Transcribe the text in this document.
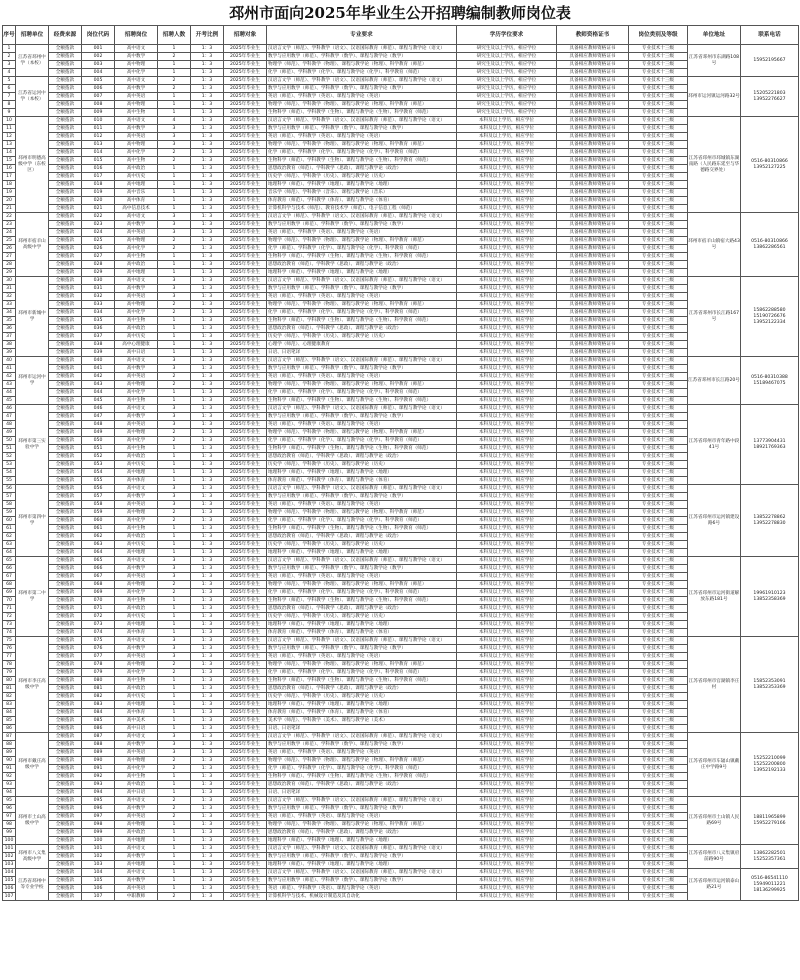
邳州市面向2025年毕业生公开招聘编制教师岗位表
序号	招聘单位	经费来源	岗位代码	招聘岗位	招聘人数	开考比例	招聘对象	专业要求	学历学位要求	教师资格证书	岗位类别及等级	单位地址	联系电话
1	江苏省邳州中学（本校）	全额拨款	001	高中语文	1	1：3	2025年毕业生	汉语言文学（师范）、学科教学（语文）、汉语国际教育（师范）、课程与教学论（语文）	研究生及以上学历，相应学位	具备相应教师资格证书	专业技术十三级	江苏省邳州市东湖路108号	15952195667
2		全额拨款	002	高中数学	2	1：3	2025年毕业生	数学与应用数学（师范）、学科教学（数学）、课程与教学论（数学）	研究生及以上学历，相应学位	具备相应教师资格证书	专业技术十三级		
3		全额拨款	003	高中物理	1	1：3	2025年毕业生	物理学（师范）、学科教学（物理）、课程与教学论（物理）、科学教育（师范）	研究生及以上学历，相应学位	具备相应教师资格证书	专业技术十三级		
4		全额拨款	004	高中化学	1	1：3	2025年毕业生	化学（师范）、学科教学（化学）、课程与教学论（化学）、科学教育（师范）	研究生及以上学历，相应学位	具备相应教师资格证书	专业技术十三级		
5	江苏省运河中学（本校）	全额拨款	005	高中语文	2	1：3	2025年毕业生	汉语言文学（师范）、学科教学（语文）、汉语国际教育（师范）、课程与教学论（语文）	研究生及以上学历，相应学位	具备相应教师资格证书	专业技术十三级	邳州市运河镇运河路32号	15205221803 13952276627
6		全额拨款	006	高中数学	2	1：3	2025年毕业生	数学与应用数学（师范）、学科教学（数学）、课程与教学论（数学）	研究生及以上学历，相应学位	具备相应教师资格证书	专业技术十三级		
7		全额拨款	007	高中英语	1	1：3	2025年毕业生	英语（师范）、学科教学（英语）、课程与教学论（英语）	研究生及以上学历，相应学位	具备相应教师资格证书	专业技术十三级		
8		全额拨款	008	高中物理	1	1：3	2025年毕业生	物理学（师范）、学科教学（物理）、课程与教学论（物理）、科学教育（师范）	研究生及以上学历，相应学位	具备相应教师资格证书	专业技术十三级		
9		全额拨款	009	高中生物	1	1：3	2025年毕业生	生物科学（师范）、学科教学（生物）、课程与教学论（生物）、科学教育（师范）	研究生及以上学历，相应学位	具备相应教师资格证书	专业技术十三级		
10	邳州市明德高级中学（东校区）	全额拨款	010	高中语文	4	1：3	2025年毕业生	汉语言文学（师范）、学科教学（语文）、汉语国际教育（师范）、课程与教学论（语文）	本科及以上学历，相应学位	具备相应教师资格证书	专业技术十三级	江苏省邳州市邳城镇东湖南路（人民路东延至与华德路交界处）	0516-80310866 13952127225
11		全额拨款	011	高中数学	3	1：3	2025年毕业生	数学与应用数学（师范）、学科教学（数学）、课程与教学论（数学）	本科及以上学历，相应学位	具备相应教师资格证书	专业技术十三级		
12		全额拨款	012	高中英语	3	1：3	2025年毕业生	英语（师范）、学科教学（英语）、课程与教学论（英语）	本科及以上学历，相应学位	具备相应教师资格证书	专业技术十三级		
13		全额拨款	013	高中物理	3	1：3	2025年毕业生	物理学（师范）、学科教学（物理）、课程与教学论（物理）、科学教育（师范）	本科及以上学历，相应学位	具备相应教师资格证书	专业技术十三级		
14		全额拨款	014	高中化学	2	1：3	2025年毕业生	化学（师范）、学科教学（化学）、课程与教学论（化学）、科学教育（师范）	本科及以上学历，相应学位	具备相应教师资格证书	专业技术十三级		
15		全额拨款	015	高中生物	2	1：3	2025年毕业生	生物科学（师范）、学科教学（生物）、课程与教学论（生物）、科学教育（师范）	本科及以上学历，相应学位	具备相应教师资格证书	专业技术十三级		
16		全额拨款	016	高中政治	1	1：3	2025年毕业生	思想政治教育（师范）、学科教学（思政）、课程与教学论（政治）	本科及以上学历，相应学位	具备相应教师资格证书	专业技术十三级		
17		全额拨款	017	高中历史	1	1：3	2025年毕业生	历史学（师范）、学科教学（历史）、课程与教学论（历史）	本科及以上学历，相应学位	具备相应教师资格证书	专业技术十三级		
18		全额拨款	018	高中地理	1	1：3	2025年毕业生	地理科学（师范）、学科教学（地理）、课程与教学论（地理）	本科及以上学历，相应学位	具备相应教师资格证书	专业技术十三级		
19		全额拨款	019	高中音乐	1	1：3	2025年毕业生	音乐学（师范）、学科教学（音乐）、课程与教学论（音乐）	本科及以上学历，相应学位	具备相应教师资格证书	专业技术十三级		
20		全额拨款	020	高中体育	1	1：3	2025年毕业生	体育教育（师范）、学科教学（体育）、课程与教学论（体育）	本科及以上学历，相应学位	具备相应教师资格证书	专业技术十三级		
21		全额拨款	021	高中信息技术	1	1：3	2025年毕业生	计算机科学与技术（师范）、教育技术学（师范）、电子信息工程（师范）	本科及以上学历，相应学位	具备相应教师资格证书	专业技术十三级		
22	邳州市宿羊山高级中学	全额拨款	022	高中语文	3	1：3	2025年毕业生	汉语言文学（师范）、学科教学（语文）、汉语国际教育（师范）、课程与教学论（语文）	本科及以上学历，相应学位	具备相应教师资格证书	专业技术十三级	邳州市宿羊山镇宿大路43号	0516-80310866 13862286561
23		全额拨款	023	高中数学	3	1：3	2025年毕业生	数学与应用数学（师范）、学科教学（数学）、课程与教学论（数学）	本科及以上学历，相应学位	具备相应教师资格证书	专业技术十三级		
24		全额拨款	024	高中英语	3	1：3	2025年毕业生	英语（师范）、学科教学（英语）、课程与教学论（英语）	本科及以上学历，相应学位	具备相应教师资格证书	专业技术十三级		
25		全额拨款	025	高中物理	2	1：3	2025年毕业生	物理学（师范）、学科教学（物理）、课程与教学论（物理）、科学教育（师范）	本科及以上学历，相应学位	具备相应教师资格证书	专业技术十三级		
26		全额拨款	026	高中化学	2	1：3	2025年毕业生	化学（师范）、学科教学（化学）、课程与教学论（化学）、科学教育（师范）	本科及以上学历，相应学位	具备相应教师资格证书	专业技术十三级		
27		全额拨款	027	高中生物	1	1：3	2025年毕业生	生物科学（师范）、学科教学（生物）、课程与教学论（生物）、科学教育（师范）	本科及以上学历，相应学位	具备相应教师资格证书	专业技术十三级		
28		全额拨款	028	高中政治	1	1：3	2025年毕业生	思想政治教育（师范）、学科教学（思政）、课程与教学论（政治）	本科及以上学历，相应学位	具备相应教师资格证书	专业技术十三级		
29		全额拨款	029	高中地理	1	1：3	2025年毕业生	地理科学（师范）、学科教学（地理）、课程与教学论（地理）	本科及以上学历，相应学位	具备相应教师资格证书	专业技术十三级		
30	邳州市新城中学	全额拨款	030	高中语文	3	1：3	2025年毕业生	汉语言文学（师范）、学科教学（语文）、汉语国际教育（师范）、课程与教学论（语文）	本科及以上学历，相应学位	具备相应教师资格证书	专业技术十三级	江苏省邳州市长江路167号	15862288580 15190726676 13952122334
31		全额拨款	031	高中数学	3	1：3	2025年毕业生	数学与应用数学（师范）、学科教学（数学）、课程与教学论（数学）	本科及以上学历，相应学位	具备相应教师资格证书	专业技术十三级		
32		全额拨款	032	高中英语	3	1：3	2025年毕业生	英语（师范）、学科教学（英语）、课程与教学论（英语）	本科及以上学历，相应学位	具备相应教师资格证书	专业技术十三级		
33		全额拨款	033	高中物理	2	1：3	2025年毕业生	物理学（师范）、学科教学（物理）、课程与教学论（物理）、科学教育（师范）	本科及以上学历，相应学位	具备相应教师资格证书	专业技术十三级		
34		全额拨款	034	高中化学	2	1：3	2025年毕业生	化学（师范）、学科教学（化学）、课程与教学论（化学）、科学教育（师范）	本科及以上学历，相应学位	具备相应教师资格证书	专业技术十三级		
35		全额拨款	035	高中生物	1	1：3	2025年毕业生	生物科学（师范）、学科教学（生物）、课程与教学论（生物）、科学教育（师范）	本科及以上学历，相应学位	具备相应教师资格证书	专业技术十三级		
36		全额拨款	036	高中政治	1	1：3	2025年毕业生	思想政治教育（师范）、学科教学（思政）、课程与教学论（政治）	本科及以上学历，相应学位	具备相应教师资格证书	专业技术十三级		
37		全额拨款	037	高中历史	1	1：3	2025年毕业生	历史学（师范）、学科教学（历史）、课程与教学论（历史）	本科及以上学历，相应学位	具备相应教师资格证书	专业技术十三级		
38		全额拨款	038	高中心理健康	1	1：3	2025年毕业生	心理学（师范）、心理健康教育	本科及以上学历，相应学位	具备相应教师资格证书	专业技术十三级		
39		全额拨款	039	高中日语	1	1：3	2025年毕业生	日语、日语笔译	本科及以上学历，相应学位	具备相应教师资格证书	专业技术十三级		
40	邳州市运河中学	全额拨款	040	高中语文	3	1：3	2025年毕业生	汉语言文学（师范）、学科教学（语文）、汉语国际教育（师范）、课程与教学论（语文）	本科及以上学历，相应学位	具备相应教师资格证书	专业技术十三级	江苏省邳州市长江路20号	0516-80310388 15189467075
41		全额拨款	041	高中数学	3	1：3	2025年毕业生	数学与应用数学（师范）、学科教学（数学）、课程与教学论（数学）	本科及以上学历，相应学位	具备相应教师资格证书	专业技术十三级		
42		全额拨款	042	高中英语	2	1：3	2025年毕业生	英语（师范）、学科教学（英语）、课程与教学论（英语）	本科及以上学历，相应学位	具备相应教师资格证书	专业技术十三级		
43		全额拨款	043	高中物理	2	1：3	2025年毕业生	物理学（师范）、学科教学（物理）、课程与教学论（物理）、科学教育（师范）	本科及以上学历，相应学位	具备相应教师资格证书	专业技术十三级		
44		全额拨款	044	高中化学	1	1：3	2025年毕业生	化学（师范）、学科教学（化学）、课程与教学论（化学）、科学教育（师范）	本科及以上学历，相应学位	具备相应教师资格证书	专业技术十三级		
45		全额拨款	045	高中生物	1	1：3	2025年毕业生	生物科学（师范）、学科教学（生物）、课程与教学论（生物）、科学教育（师范）	本科及以上学历，相应学位	具备相应教师资格证书	专业技术十三级		
46	邳州市第三实验中学	全额拨款	046	高中语文	3	1：3	2025年毕业生	汉语言文学（师范）、学科教学（语文）、汉语国际教育（师范）、课程与教学论（语文）	本科及以上学历，相应学位	具备相应教师资格证书	专业技术十三级	江苏省邳州市青年路中段41号	13773904431 18921769363
47		全额拨款	047	高中数学	3	1：3	2025年毕业生	数学与应用数学（师范）、学科教学（数学）、课程与教学论（数学）	本科及以上学历，相应学位	具备相应教师资格证书	专业技术十三级		
48		全额拨款	048	高中英语	3	1：3	2025年毕业生	英语（师范）、学科教学（英语）、课程与教学论（英语）	本科及以上学历，相应学位	具备相应教师资格证书	专业技术十三级		
49		全额拨款	049	高中物理	2	1：3	2025年毕业生	物理学（师范）、学科教学（物理）、课程与教学论（物理）、科学教育（师范）	本科及以上学历，相应学位	具备相应教师资格证书	专业技术十三级		
50		全额拨款	050	高中化学	2	1：3	2025年毕业生	化学（师范）、学科教学（化学）、课程与教学论（化学）、科学教育（师范）	本科及以上学历，相应学位	具备相应教师资格证书	专业技术十三级		
51		全额拨款	051	高中生物	1	1：3	2025年毕业生	生物科学（师范）、学科教学（生物）、课程与教学论（生物）、科学教育（师范）	本科及以上学历，相应学位	具备相应教师资格证书	专业技术十三级		
52		全额拨款	052	高中政治	1	1：3	2025年毕业生	思想政治教育（师范）、学科教学（思政）、课程与教学论（政治）	本科及以上学历，相应学位	具备相应教师资格证书	专业技术十三级		
53		全额拨款	053	高中历史	1	1：3	2025年毕业生	历史学（师范）、学科教学（历史）、课程与教学论（历史）	本科及以上学历，相应学位	具备相应教师资格证书	专业技术十三级		
54		全额拨款	054	高中地理	1	1：3	2025年毕业生	地理科学（师范）、学科教学（地理）、课程与教学论（地理）	本科及以上学历，相应学位	具备相应教师资格证书	专业技术十三级		
55		全额拨款	055	高中体育	1	1：3	2025年毕业生	体育教育（师范）、学科教学（体育）、课程与教学论（体育）	本科及以上学历，相应学位	具备相应教师资格证书	专业技术十三级		
56	邳州市第四中学	全额拨款	056	高中语文	3	1：3	2025年毕业生	汉语言文学（师范）、学科教学（语文）、汉语国际教育（师范）、课程与教学论（语文）	本科及以上学历，相应学位	具备相应教师资格证书	专业技术十三级	江苏省邳州市运河镇建设路6号	13852278862 13952278830
57		全额拨款	057	高中数学	3	1：3	2025年毕业生	数学与应用数学（师范）、学科教学（数学）、课程与教学论（数学）	本科及以上学历，相应学位	具备相应教师资格证书	专业技术十三级		
58		全额拨款	058	高中英语	3	1：3	2025年毕业生	英语（师范）、学科教学（英语）、课程与教学论（英语）	本科及以上学历，相应学位	具备相应教师资格证书	专业技术十三级		
59		全额拨款	059	高中物理	2	1：3	2025年毕业生	物理学（师范）、学科教学（物理）、课程与教学论（物理）、科学教育（师范）	本科及以上学历，相应学位	具备相应教师资格证书	专业技术十三级		
60		全额拨款	060	高中化学	2	1：3	2025年毕业生	化学（师范）、学科教学（化学）、课程与教学论（化学）、科学教育（师范）	本科及以上学历，相应学位	具备相应教师资格证书	专业技术十三级		
61		全额拨款	061	高中生物	1	1：3	2025年毕业生	生物科学（师范）、学科教学（生物）、课程与教学论（生物）、科学教育（师范）	本科及以上学历，相应学位	具备相应教师资格证书	专业技术十三级		
62		全额拨款	062	高中政治	1	1：3	2025年毕业生	思想政治教育（师范）、学科教学（思政）、课程与教学论（政治）	本科及以上学历，相应学位	具备相应教师资格证书	专业技术十三级		
63		全额拨款	063	高中历史	1	1：3	2025年毕业生	历史学（师范）、学科教学（历史）、课程与教学论（历史）	本科及以上学历，相应学位	具备相应教师资格证书	专业技术十三级		
64		全额拨款	064	高中地理	1	1：3	2025年毕业生	地理科学（师范）、学科教学（地理）、课程与教学论（地理）	本科及以上学历，相应学位	具备相应教师资格证书	专业技术十三级		
65	邳州市第二中学	全额拨款	065	高中语文	3	1：3	2025年毕业生	汉语言文学（师范）、学科教学（语文）、汉语国际教育（师范）、课程与教学论（语文）	本科及以上学历，相应学位	具备相应教师资格证书	专业技术十三级	江苏省邳州市运河街道解放东路181号	19961910123 13852358369
66		全额拨款	066	高中数学	3	1：3	2025年毕业生	数学与应用数学（师范）、学科教学（数学）、课程与教学论（数学）	本科及以上学历，相应学位	具备相应教师资格证书	专业技术十三级		
67		全额拨款	067	高中英语	3	1：3	2025年毕业生	英语（师范）、学科教学（英语）、课程与教学论（英语）	本科及以上学历，相应学位	具备相应教师资格证书	专业技术十三级		
68		全额拨款	068	高中物理	2	1：3	2025年毕业生	物理学（师范）、学科教学（物理）、课程与教学论（物理）、科学教育（师范）	本科及以上学历，相应学位	具备相应教师资格证书	专业技术十三级		
69		全额拨款	069	高中化学	2	1：3	2025年毕业生	化学（师范）、学科教学（化学）、课程与教学论（化学）、科学教育（师范）	本科及以上学历，相应学位	具备相应教师资格证书	专业技术十三级		
70		全额拨款	070	高中生物	1	1：3	2025年毕业生	生物科学（师范）、学科教学（生物）、课程与教学论（生物）、科学教育（师范）	本科及以上学历，相应学位	具备相应教师资格证书	专业技术十三级		
71		全额拨款	071	高中政治	1	1：3	2025年毕业生	思想政治教育（师范）、学科教学（思政）、课程与教学论（政治）	本科及以上学历，相应学位	具备相应教师资格证书	专业技术十三级		
72		全额拨款	072	高中历史	1	1：3	2025年毕业生	历史学（师范）、学科教学（历史）、课程与教学论（历史）	本科及以上学历，相应学位	具备相应教师资格证书	专业技术十三级		
73		全额拨款	073	高中地理	1	1：3	2025年毕业生	地理科学（师范）、学科教学（地理）、课程与教学论（地理）	本科及以上学历，相应学位	具备相应教师资格证书	专业技术十三级		
74		全额拨款	074	高中体育	1	1：3	2025年毕业生	体育教育（师范）、学科教学（体育）、课程与教学论（体育）	本科及以上学历，相应学位	具备相应教师资格证书	专业技术十三级		
75	邳州市李庄高级中学	全额拨款	075	高中语文	3	1：3	2025年毕业生	汉语言文学（师范）、学科教学（语文）、汉语国际教育（师范）、课程与教学论（语文）	本科及以上学历，相应学位	具备相应教师资格证书	专业技术十三级	江苏省邳州市官湖镇李庄村	15852353091 13852353369
76		全额拨款	076	高中数学	3	1：3	2025年毕业生	数学与应用数学（师范）、学科教学（数学）、课程与教学论（数学）	本科及以上学历，相应学位	具备相应教师资格证书	专业技术十三级		
77		全额拨款	077	高中英语	3	1：3	2025年毕业生	英语（师范）、学科教学（英语）、课程与教学论（英语）	本科及以上学历，相应学位	具备相应教师资格证书	专业技术十三级		
78		全额拨款	078	高中物理	2	1：3	2025年毕业生	物理学（师范）、学科教学（物理）、课程与教学论（物理）、科学教育（师范）	本科及以上学历，相应学位	具备相应教师资格证书	专业技术十三级		
79		全额拨款	079	高中化学	2	1：3	2025年毕业生	化学（师范）、学科教学（化学）、课程与教学论（化学）、科学教育（师范）	本科及以上学历，相应学位	具备相应教师资格证书	专业技术十三级		
80		全额拨款	080	高中生物	1	1：3	2025年毕业生	生物科学（师范）、学科教学（生物）、课程与教学论（生物）、科学教育（师范）	本科及以上学历，相应学位	具备相应教师资格证书	专业技术十三级		
81		全额拨款	081	高中政治	1	1：3	2025年毕业生	思想政治教育（师范）、学科教学（思政）、课程与教学论（政治）	本科及以上学历，相应学位	具备相应教师资格证书	专业技术十三级		
82		全额拨款	082	高中历史	1	1：3	2025年毕业生	历史学（师范）、学科教学（历史）、课程与教学论（历史）	本科及以上学历，相应学位	具备相应教师资格证书	专业技术十三级		
83		全额拨款	083	高中地理	1	1：3	2025年毕业生	地理科学（师范）、学科教学（地理）、课程与教学论（地理）	本科及以上学历，相应学位	具备相应教师资格证书	专业技术十三级		
84		全额拨款	084	高中体育	1	1：3	2025年毕业生	体育教育（师范）、学科教学（体育）、课程与教学论（体育）	本科及以上学历，相应学位	具备相应教师资格证书	专业技术十三级		
85		全额拨款	085	高中美术	1	1：3	2025年毕业生	美术学（师范）、学科教学（美术）、课程与教学论（美术）	本科及以上学历，相应学位	具备相应教师资格证书	专业技术十三级		
86		全额拨款	086	高中日语	1	1：3	2025年毕业生	日语、日语笔译	本科及以上学历，相应学位	具备相应教师资格证书	专业技术十三级		
87	邳州市戴庄高级中学	全额拨款	087	高中语文	3	1：3	2025年毕业生	汉语言文学（师范）、学科教学（语文）、汉语国际教育（师范）、课程与教学论（语文）	本科及以上学历，相应学位	具备相应教师资格证书	专业技术十三级	江苏省邳州市车辐山镇戴庄中学路9号	15252210099 15252200800 13952192133
88		全额拨款	088	高中数学	3	1：3	2025年毕业生	数学与应用数学（师范）、学科教学（数学）、课程与教学论（数学）	本科及以上学历，相应学位	具备相应教师资格证书	专业技术十三级		
89		全额拨款	089	高中英语	3	1：3	2025年毕业生	英语（师范）、学科教学（英语）、课程与教学论（英语）	本科及以上学历，相应学位	具备相应教师资格证书	专业技术十三级		
90		全额拨款	090	高中物理	2	1：3	2025年毕业生	物理学（师范）、学科教学（物理）、课程与教学论（物理）、科学教育（师范）	本科及以上学历，相应学位	具备相应教师资格证书	专业技术十三级		
91		全额拨款	091	高中化学	2	1：3	2025年毕业生	化学（师范）、学科教学（化学）、课程与教学论（化学）、科学教育（师范）	本科及以上学历，相应学位	具备相应教师资格证书	专业技术十三级		
92		全额拨款	092	高中生物	1	1：3	2025年毕业生	生物科学（师范）、学科教学（生物）、课程与教学论（生物）、科学教育（师范）	本科及以上学历，相应学位	具备相应教师资格证书	专业技术十三级		
93		全额拨款	093	高中政治	1	1：3	2025年毕业生	思想政治教育（师范）、学科教学（思政）、课程与教学论（政治）	本科及以上学历，相应学位	具备相应教师资格证书	专业技术十三级		
94		全额拨款	094	高中日语	1	1：3	2025年毕业生	日语、日语笔译	本科及以上学历，相应学位	具备相应教师资格证书	专业技术十三级		
95	邳州市土山高级中学	全额拨款	095	高中语文	2	1：3	2025年毕业生	汉语言文学（师范）、学科教学（语文）、汉语国际教育（师范）、课程与教学论（语文）	本科及以上学历，相应学位	具备相应教师资格证书	专业技术十三级	江苏省邳州市土山镇人民路69号	18811965899 15952279166
96		全额拨款	096	高中数学	2	1：3	2025年毕业生	数学与应用数学（师范）、学科教学（数学）、课程与教学论（数学）	本科及以上学历，相应学位	具备相应教师资格证书	专业技术十三级		
97		全额拨款	097	高中英语	2	1：3	2025年毕业生	英语（师范）、学科教学（英语）、课程与教学论（英语）	本科及以上学历，相应学位	具备相应教师资格证书	专业技术十三级		
98		全额拨款	098	高中物理	1	1：3	2025年毕业生	物理学（师范）、学科教学（物理）、课程与教学论（物理）、科学教育（师范）	本科及以上学历，相应学位	具备相应教师资格证书	专业技术十三级		
99		全额拨款	099	高中政治	1	1：3	2025年毕业生	思想政治教育（师范）、学科教学（思政）、课程与教学论（政治）	本科及以上学历，相应学位	具备相应教师资格证书	专业技术十三级		
100		全额拨款	100	高中地理	1	1：3	2025年毕业生	地理科学（师范）、学科教学（地理）、课程与教学论（地理）	本科及以上学历，相应学位	具备相应教师资格证书	专业技术十三级		
101	邳州市八义集高级中学	全额拨款	101	高中语文	1	1：3	2025年毕业生	汉语言文学（师范）、学科教学（语文）、汉语国际教育（师范）、课程与教学论（语文）	本科及以上学历，相应学位	具备相应教师资格证书	专业技术十三级	江苏省邳州市八义集镇府前路90号	13862282501 15252357361
102		全额拨款	102	高中数学	1	1：3	2025年毕业生	数学与应用数学（师范）、学科教学（数学）、课程与教学论（数学）	本科及以上学历，相应学位	具备相应教师资格证书	专业技术十三级		
103		全额拨款	103	高中地理	1	1：3	2025年毕业生	地理科学（师范）、学科教学（地理）、课程与教学论（地理）	本科及以上学历，相应学位	具备相应教师资格证书	专业技术十三级		
104	江苏省邳州中等专业学校	全额拨款	104	高中语文	1	1：3	2025年毕业生	汉语言文学（师范）、学科教学（语文）、汉语国际教育（师范）、课程与教学论（语文）	本科及以上学历，相应学位	具备相应教师资格证书	专业技术十三级	江苏省邳州市运河镇泰山路21号	0516-86541110 15949011221 18136299925
105		全额拨款	105	高中数学	1	1：3	2025年毕业生	数学与应用数学（师范）、学科教学（数学）、课程与教学论（数学）	本科及以上学历，相应学位	具备相应教师资格证书	专业技术十三级		
106		全额拨款	106	高中英语	1	1：3	2025年毕业生	英语（师范）、学科教学（英语）、课程与教学论（英语）	本科及以上学历，相应学位	具备相应教师资格证书	专业技术十三级		
107		全额拨款	107	中职教师	2	1：3	2025年毕业生	计算机科学与技术、机械设计制造及其自动化	本科及以上学历，相应学位	具备相应教师资格证书	专业技术十三级		
